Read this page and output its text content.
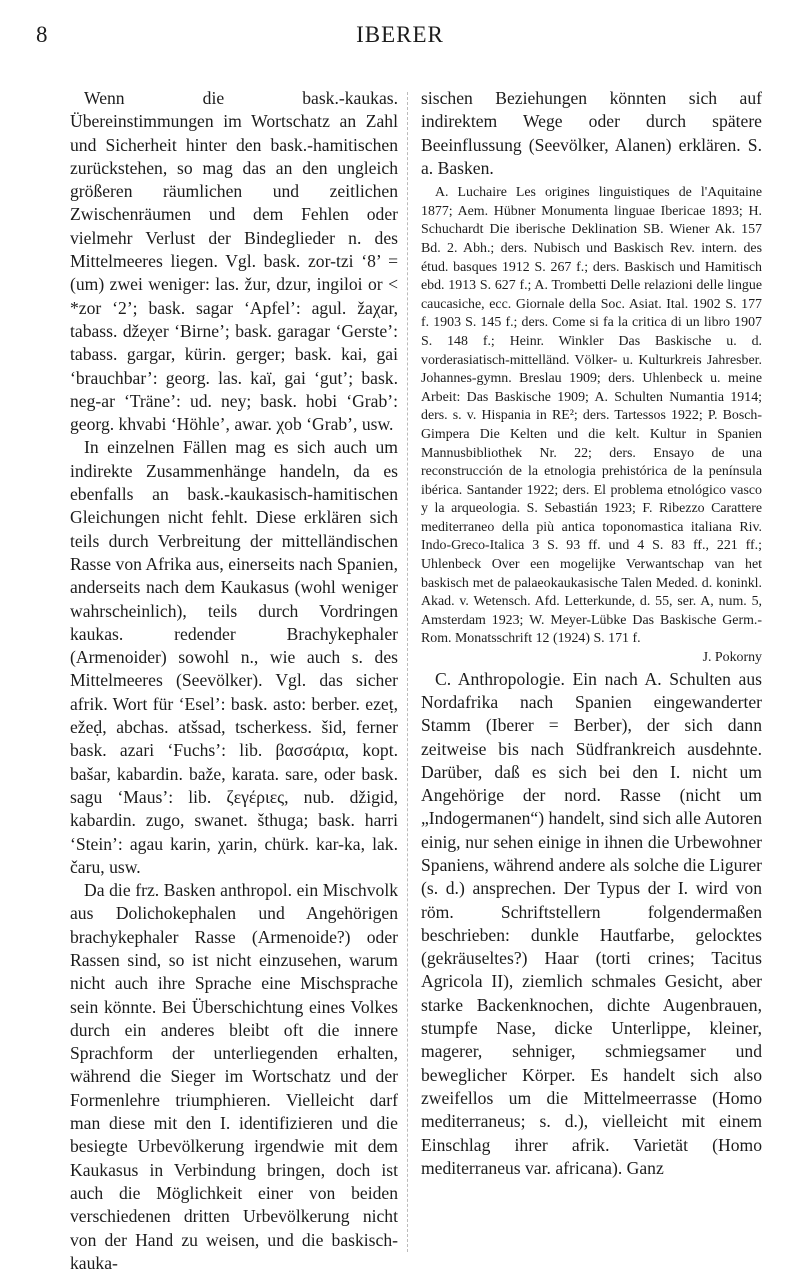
8	IBERER

Wenn die bask.-kaukas. Übereinstimmungen im Wortschatz an Zahl und Sicherheit hinter den bask.-hamitischen zurückstehen, so mag das an den ungleich größeren räumlichen und zeitlichen Zwischenräumen und dem Fehlen oder vielmehr Verlust der Bindeglieder n. des Mittelmeeres liegen. Vgl. bask. zor-tzi ‘8’ = (um) zwei weniger: las. žur, dzur, ingiloi or < *zor ‘2’; bask. sagar ‘Apfel’: agul. žaχar, tabass. džeχer ‘Birne’; bask. garagar ‘Gerste’: tabass. gargar, kürin. gerger; bask. kai, gai ‘brauchbar’: georg. las. kaï, gai ‘gut’; bask. neg-ar ‘Träne’: ud. ney; bask. hobi ‘Grab’: georg. khvabi ‘Höhle’, awar. χob ‘Grab’, usw.

In einzelnen Fällen mag es sich auch um indirekte Zusammenhänge handeln, da es ebenfalls an bask.-kaukasisch-hamitischen Gleichungen nicht fehlt. Diese erklären sich teils durch Verbreitung der mittelländischen Rasse von Afrika aus, einerseits nach Spanien, anderseits nach dem Kaukasus (wohl weniger wahrscheinlich), teils durch Vordringen kaukas. redender Brachykephaler (Armenoider) sowohl n., wie auch s. des Mittelmeeres (Seevölker). Vgl. das sicher afrik. Wort für ‘Esel’: bask. asto: berber. ezeṭ, ežeḍ, abchas. atšsad, tscherkess. šid, ferner bask. azari ‘Fuchs’: lib. βασσάρια, kopt. bašar, kabardin. baže, karata. sare, oder bask. sagu ‘Maus’: lib. ζεγέριες, nub. džigid, kabardin. zugo, swanet. šthuga; bask. harri ‘Stein’: agau karin, χarin, chürk. kar-ka, lak. čaru, usw.

Da die frz. Basken anthropol. ein Mischvolk aus Dolichokephalen und Angehörigen brachykephaler Rasse (Armenoide?) oder Rassen sind, so ist nicht einzusehen, warum nicht auch ihre Sprache eine Mischsprache sein könnte. Bei Überschichtung eines Volkes durch ein anderes bleibt oft die innere Sprachform der unterliegenden erhalten, während die Sieger im Wortschatz und der Formenlehre triumphieren. Vielleicht darf man diese mit den I. identifizieren und die besiegte Urbevölkerung irgendwie mit dem Kaukasus in Verbindung bringen, doch ist auch die Möglichkeit einer von beiden verschiedenen dritten Urbevölkerung nicht von der Hand zu weisen, und die baskisch-kauka-

sischen Beziehungen könnten sich auf indirektem Wege oder durch spätere Beeinflussung (Seevölker, Alanen) erklären. S. a. Basken.

A. Luchaire Les origines linguistiques de l'Aquitaine 1877; Aem. Hübner Monumenta linguae Ibericae 1893; H. Schuchardt Die iberische Deklination SB. Wiener Ak. 157 Bd. 2. Abh.; ders. Nubisch und Baskisch Rev. intern. des étud. basques 1912 S. 267 f.; ders. Baskisch und Hamitisch ebd. 1913 S. 627 f.; A. Trombetti Delle relazioni delle lingue caucasiche, ecc. Giornale della Soc. Asiat. Ital. 1902 S. 177 f. 1903 S. 145 f.; ders. Come si fa la critica di un libro 1907 S. 148 f.; Heinr. Winkler Das Baskische u. d. vorderasiatisch-mittelländ. Völker- u. Kulturkreis Jahresber. Johannes-gymn. Breslau 1909; ders. Uhlenbeck u. meine Arbeit: Das Baskische 1909; A. Schulten Numantia 1914; ders. s. v. Hispania in RE²; ders. Tartessos 1922; P. Bosch-Gimpera Die Kelten und die kelt. Kultur in Spanien Mannusbibliothek Nr. 22; ders. Ensayo de una reconstrucción de la etnologia prehistórica de la península ibérica. Santander 1922; ders. El problema etnológico vasco y la arqueologia. S. Sebastián 1923; F. Ribezzo Carattere mediterraneo della più antica toponomastica italiana Riv. Indo-Greco-Italica 3 S. 93 ff. und 4 S. 83 ff., 221 ff.; Uhlenbeck Over een mogelijke Verwantschap van het baskisch met de palaeokaukasische Talen Meded. d. koninkl. Akad. v. Wetensch. Afd. Letterkunde, d. 55, ser. A, num. 5, Amsterdam 1923; W. Meyer-Lübke Das Baskische Germ.-Rom. Monatsschrift 12 (1924) S. 171 f.

J. Pokorny

C. Anthropologie. Ein nach A. Schulten aus Nordafrika nach Spanien eingewanderter Stamm (Iberer = Berber), der sich dann zeitweise bis nach Südfrankreich ausdehnte. Darüber, daß es sich bei den I. nicht um Angehörige der nord. Rasse (nicht um „Indogermanen“) handelt, sind sich alle Autoren einig, nur sehen einige in ihnen die Urbewohner Spaniens, während andere als solche die Ligurer (s. d.) ansprechen. Der Typus der I. wird von röm. Schriftstellern folgendermaßen beschrieben: dunkle Hautfarbe, gelocktes (gekräuseltes?) Haar (torti crines; Tacitus Agricola II), ziemlich schmales Gesicht, aber starke Backenknochen, dichte Augenbrauen, stumpfe Nase, dicke Unterlippe, kleiner, magerer, sehniger, schmiegsamer und beweglicher Körper. Es handelt sich also zweifellos um die Mittelmeerrasse (Homo mediterraneus; s. d.), vielleicht mit einem Einschlag ihrer afrik. Varietät (Homo mediterraneus var. africana). Ganz
